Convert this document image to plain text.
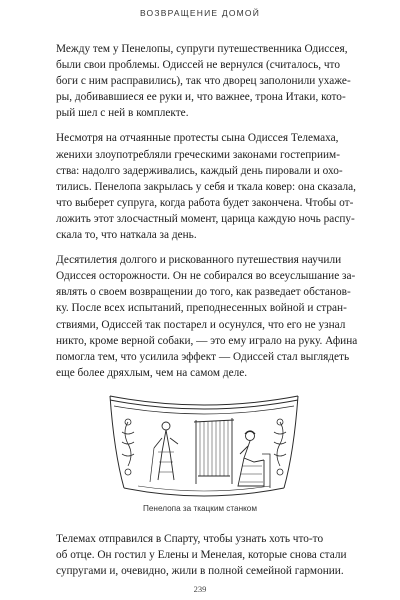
ВОЗВРАЩЕНИЕ ДОМОЙ

Между тем у Пенелопы, супруги путешественника Одиссея,
были свои проблемы. Одиссей не вернулся (считалось, что
боги с ним расправились), так что дворец заполонили ухаже-
ры, добивавшиеся ее руки и, что важнее, трона Итаки, кото-
рый шел с ней в комплекте.

Несмотря на отчаянные протесты сына Одиссея Телемаха,
женихи злоупотребляли греческими законами гостеприим-
ства: надолго задерживались, каждый день пировали и охо-
тились. Пенелопа закрылась у себя и ткала ковер: она сказала,
что выберет супруга, когда работа будет закончена. Чтобы от-
ложить этот злосчастный момент, царица каждую ночь распу-
скала то, что наткала за день.

Десятилетия долгого и рискованного путешествия научили
Одиссея осторожности. Он не собирался во всеуслышание за-
являть о своем возвращении до того, как разведает обстанов-
ку. После всех испытаний, преподнесенных войной и стран-
ствиями, Одиссей так постарел и осунулся, что его не узнал
никто, кроме верной собаки, — это ему играло на руку. Афина
помогла тем, что усилила эффект — Одиссей стал выглядеть
еще более дряхлым, чем на самом деле.

Пенелопа за ткацким станком

Телемах отправился в Спарту, чтобы узнать хоть что-то
об отце. Он гостил у Елены и Менелая, которые снова стали
супругами и, очевидно, жили в полной семейной гармонии.

239
